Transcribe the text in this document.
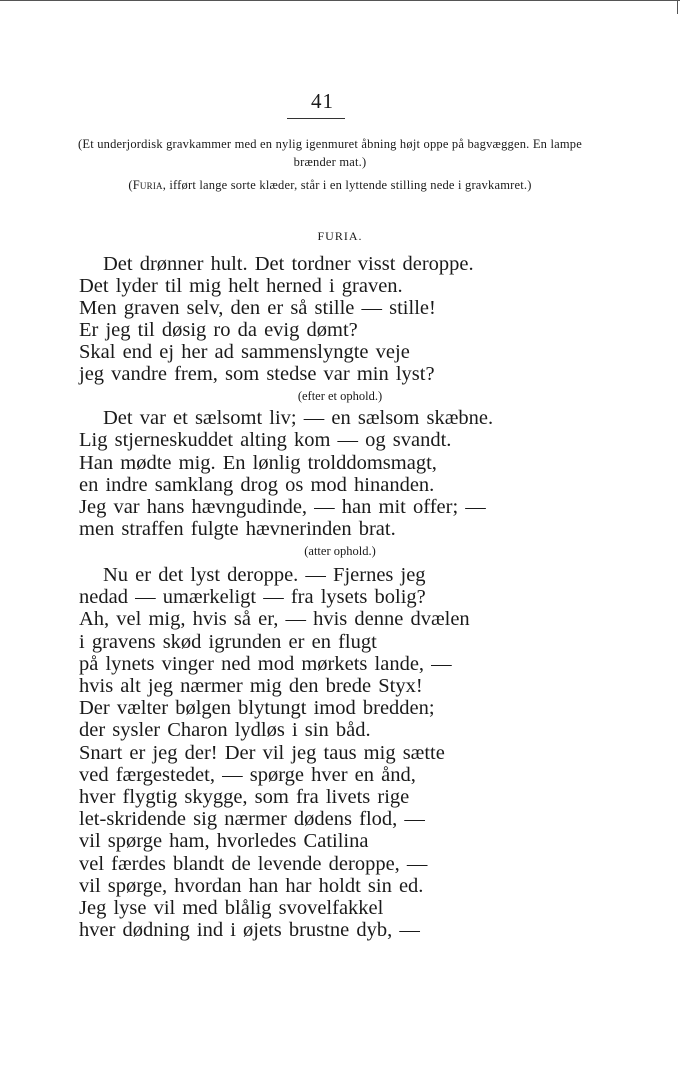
41
(Et underjordisk gravkammer med en nylig igenmuret åbning højt oppe på bagvæggen. En lampe brænder mat.)
(Furia, ifført lange sorte klæder, står i en lyttende stilling nede i gravkamret.)
FURIA.
Det drønner hult. Det tordner visst deroppe.
Det lyder til mig helt herned i graven.
Men graven selv, den er så stille — stille!
Er jeg til døsig ro da evig dømt?
Skal end ej her ad sammenslyngte veje
jeg vandre frem, som stedse var min lyst?
(efter et ophold.)
Det var et sælsomt liv; — en sælsom skæbne.
Lig stjerneskuddet alting kom — og svandt.
Han mødte mig. En lønlig trolddomsmagt,
en indre samklang drog os mod hinanden.
Jeg var hans hævngudinde, — han mit offer; —
men straffen fulgte hævnerinden brat.
(atter ophold.)
Nu er det lyst deroppe. — Fjernes jeg
nedad — umærkeligt — fra lysets bolig?
Ah, vel mig, hvis så er, — hvis denne dvælen
i gravens skød igrunden er en flugt
på lynets vinger ned mod mørkets lande, —
hvis alt jeg nærmer mig den brede Styx!
Der vælter bølgen blytungt imod bredden;
der sysler Charon lydløs i sin båd.
Snart er jeg der! Der vil jeg taus mig sætte
ved færgestedet, — spørge hver en ånd,
hver flygtig skygge, som fra livets rige
let-skridende sig nærmer dødens flod, —
vil spørge ham, hvorledes Catilina
vel færdes blandt de levende deroppe, —
vil spørge, hvordan han har holdt sin ed.
Jeg lyse vil med blålig svovelfakkel
hver dødning ind i øjets brustne dyb, —
